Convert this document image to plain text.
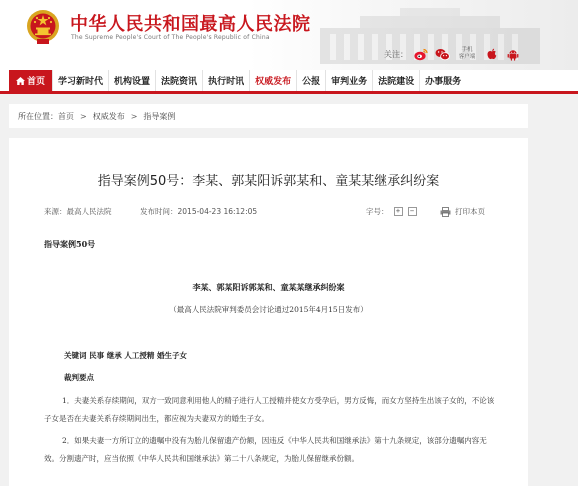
中华人民共和国最高人民法院
The Supreme People's Court of The People's Republic of China
关注：	手机
客户端
首页	学习新时代	机构设置	法院资讯	执行时讯	权威发布	公报	审判业务	法院建设	办事服务
所在位置： 首页 > 权威发布 > 指导案例
指导案例50号：李某、郭某阳诉郭某和、童某某继承纠纷案
来源：最高人民法院	发布时间：2015-04-23 16:12:05	字号：	+	−	打印本页
指导案例50号
李某、郭某阳诉郭某和、童某某继承纠纷案
（最高人民法院审判委员会讨论通过2015年4月15日发布）
关键词 民事 继承 人工授精 婚生子女
裁判要点

1．夫妻关系存续期间，双方一致同意利用他人的精子进行人工授精并使女方受孕后，男方反悔，而女方坚持生出该子女的，不论该子女是否在夫妻关系存续期间出生，都应视为夫妻双方的婚生子女。

2．如果夫妻一方所订立的遗嘱中没有为胎儿保留遗产份额，因违反《中华人民共和国继承法》第十九条规定，该部分遗嘱内容无效。分割遗产时，应当依照《中华人民共和国继承法》第二十八条规定，为胎儿保留继承份额。
